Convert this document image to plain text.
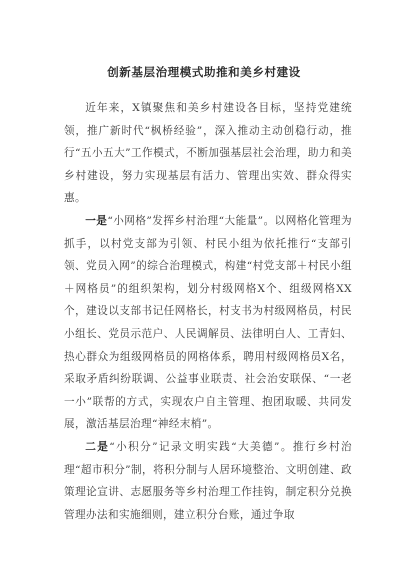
创新基层治理模式助推和美乡村建设

近年来，X镇聚焦和美乡村建设各目标，坚持党建统领，推广新时代“枫桥经验”，深入推动主动创稳行动，推行“五小五大”工作模式，不断加强基层社会治理，助力和美乡村建设，努力实现基层有活力、管理出实效、群众得实惠。

一是“小网格”发挥乡村治理“大能量”。以网格化管理为抓手，以村党支部为引领、村民小组为依托推行“支部引领、党员入网”的综合治理模式，构建“村党支部＋村民小组＋网格员”的组织架构，划分村级网格X个、组级网格XX个，建设以支部书记任网格长，村支书为村级网格员，村民小组长、党员示范户、人民调解员、法律明白人、工青妇、热心群众为组级网格员的网格体系，聘用村级网格员X名，采取矛盾纠纷联调、公益事业联责、社会治安联保、“一老一小”联帮的方式，实现农户自主管理、抱团取暖、共同发展，激活基层治理“神经末梢”。

二是“小积分”记录文明实践“大美德”。推行乡村治理“超市积分”制，将积分制与人居环境整治、文明创建、政策理论宣讲、志愿服务等乡村治理工作挂钩，制定积分兑换管理办法和实施细则，建立积分台账，通过争取
